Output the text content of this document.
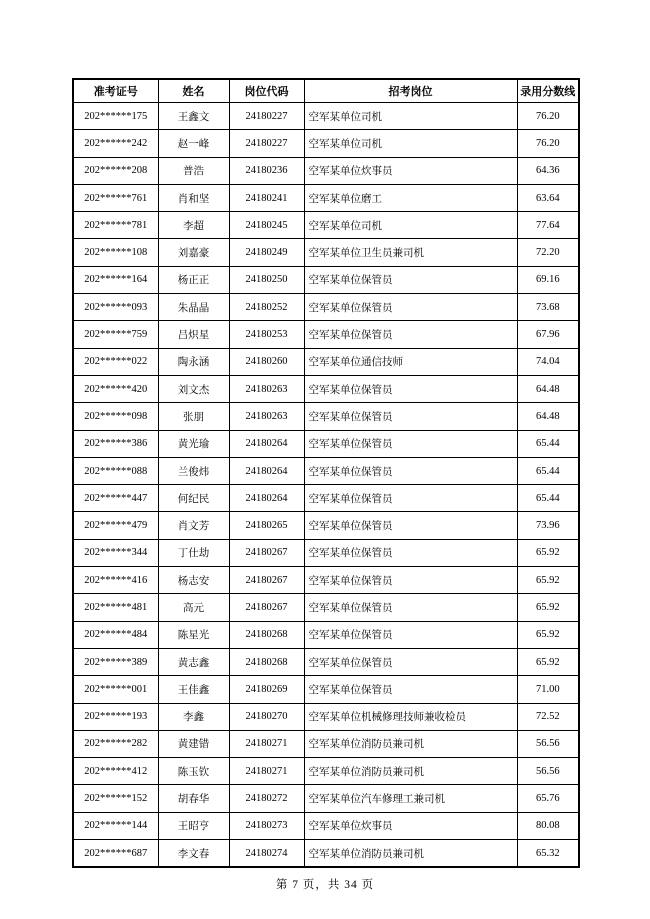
准考证号	姓名	岗位代码	招考岗位	录用分数线
202******175	王鑫文	24180227	空军某单位司机	76.20
202******242	赵一峰	24180227	空军某单位司机	76.20
202******208	普浩	24180236	空军某单位炊事员	64.36
202******761	肖和坚	24180241	空军某单位磨工	63.64
202******781	李超	24180245	空军某单位司机	77.64
202******108	刘嘉豪	24180249	空军某单位卫生员兼司机	72.20
202******164	杨正正	24180250	空军某单位保管员	69.16
202******093	朱晶晶	24180252	空军某单位保管员	73.68
202******759	吕炽星	24180253	空军某单位保管员	67.96
202******022	陶永涵	24180260	空军某单位通信技师	74.04
202******420	刘文杰	24180263	空军某单位保管员	64.48
202******098	张朋	24180263	空军某单位保管员	64.48
202******386	黄光瑜	24180264	空军某单位保管员	65.44
202******088	兰俊炜	24180264	空军某单位保管员	65.44
202******447	何纪民	24180264	空军某单位保管员	65.44
202******479	肖文芳	24180265	空军某单位保管员	73.96
202******344	丁仕劫	24180267	空军某单位保管员	65.92
202******416	杨志安	24180267	空军某单位保管员	65.92
202******481	高元	24180267	空军某单位保管员	65.92
202******484	陈星光	24180268	空军某单位保管员	65.92
202******389	黄志鑫	24180268	空军某单位保管员	65.92
202******001	王佳鑫	24180269	空军某单位保管员	71.00
202******193	李鑫	24180270	空军某单位机械修理技师兼收检员	72.52
202******282	黄建错	24180271	空军某单位消防员兼司机	56.56
202******412	陈玉钦	24180271	空军某单位消防员兼司机	56.56
202******152	胡春华	24180272	空军某单位汽车修理工兼司机	65.76
202******144	王昭亨	24180273	空军某单位炊事员	80.08
202******687	李文春	24180274	空军某单位消防员兼司机	65.32
第 7 页，共 34 页
